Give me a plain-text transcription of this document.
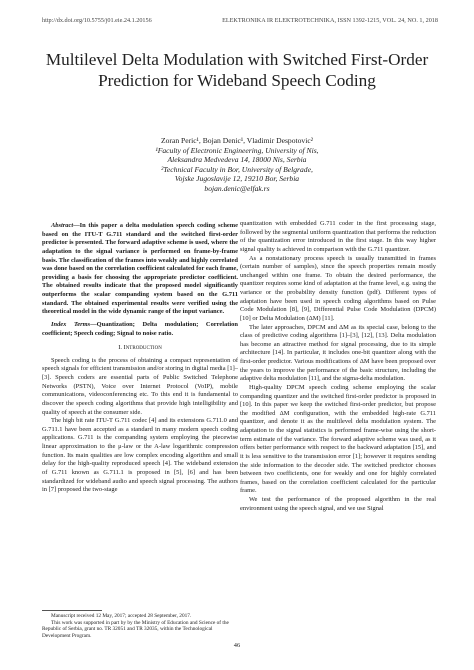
http://dx.doi.org/10.5755/j01.eie.24.1.20156	ELEKTRONIKA IR ELEKTROTECHNIKA, ISSN 1392-1215, VOL. 24, NO. 1, 2018
Multilevel Delta Modulation with Switched First-Order Prediction for Wideband Speech Coding
Zoran Peric¹, Bojan Denic¹, Vladimir Despotovic²
¹Faculty of Electronic Engineering, University of Nis,
Aleksandra Medvedeva 14, 18000 Nis, Serbia
²Technical Faculty in Bor, University of Belgrade,
Vojske Jugoslavije 12, 19210 Bor, Serbia
bojan.denic@elfak.rs

Abstract—In this paper a delta modulation speech coding scheme based on the ITU-T G.711 standard and the switched first-order predictor is presented. The forward adaptive scheme is used, where the adaptation to the signal variance is performed on frame-by-frame basis. The classification of the frames into weakly and highly correlated was done based on the correlation coefficient calculated for each frame, providing a basis for choosing the appropriate predictor coefficient. The obtained results indicate that the proposed model significantly outperforms the scalar companding system based on the G.711 standard. The obtained experimental results were verified using the theoretical model in the wide dynamic range of the input variance.

Index Terms—Quantization; Delta modulation; Correlation coefficient; Speech coding; Signal to noise ratio.

I. Introduction

Speech coding is the process of obtaining a compact representation of speech signals for efficient transmission and/or storing in digital media [1]–[3]. Speech coders are essential parts of Public Switched Telephone Networks (PSTN), Voice over Internet Protocol (VoIP), mobile communications, videoconferencing etc. To this end it is fundamental to discover the speech coding algorithms that provide high intelligibility and quality of speech at the consumer side.

The high bit rate ITU-T G.711 codec [4] and its extensions G.711.0 and G.711.1 have been accepted as a standard in many modern speech coding applications. G.711 is the companding system employing the piecewise linear approximation to the μ-law or the A-law logarithmic compression function. Its main qualities are low complex encoding algorithm and small delay for the high-quality reproduced speech [4]. The wideband extension of G.711 known as G.711.1 is proposed in [5], [6] and has been standardized for wideband audio and speech signal processing. The authors in [7] proposed the two-stage

quantization with embedded G.711 coder in the first processing stage, followed by the segmental uniform quantization that performs the reduction of the quantization error introduced in the first stage. In this way higher signal quality is achieved in comparison with the G.711 quantizer.

As a nonstationary process speech is usually transmitted in frames (certain number of samples), since the speech properties remain mostly unchanged within one frame. To obtain the desired performance, the quantizer requires some kind of adaptation at the frame level, e.g. using the variance or the probability density function (pdf). Different types of adaptation have been used in speech coding algorithms based on Pulse Code Modulation [8], [9], Differential Pulse Code Modulation (DPCM) [10] or Delta Modulation (ΔM) [11].

The later approaches, DPCM and ΔM as its special case, belong to the class of predictive coding algorithms [1]–[3], [12], [13]. Delta modulation has become an attractive method for signal processing, due to its simple architecture [14]. In particular, it includes one-bit quantizer along with the first-order predictor. Various modifications of ΔM have been proposed over the years to improve the performance of the basic structure, including the adaptive delta modulation [11], and the sigma-delta modulation.

High-quality DPCM speech coding scheme employing the scalar companding quantizer and the switched first-order predictor is proposed in [10]. In this paper we keep the switched first-order predictor, but propose the modified ΔM configuration, with the embedded high-rate G.711 quantizer, and denote it as the multilevel delta modulation system. The adaptation to the signal statistics is performed frame-wise using the short-term estimate of the variance. The forward adaptive scheme was used, as it offers better performance with respect to the backward adaptation [15], and it is less sensitive to the transmission error [1]; however it requires sending the side information to the decoder side. The switched predictor chooses between two coefficients, one for weakly and one for highly correlated frames, based on the correlation coefficient calculated for the particular frame.

We test the performance of the proposed algorithm in the real environment using the speech signal, and we use Signal

Manuscript received 12 May, 2017; accepted 28 September, 2017.

This work was supported in part by by the Ministry of Education and Science of the Republic of Serbia, grant no. TR 32051 and TR 32035, within the Technological Development Program.

46
